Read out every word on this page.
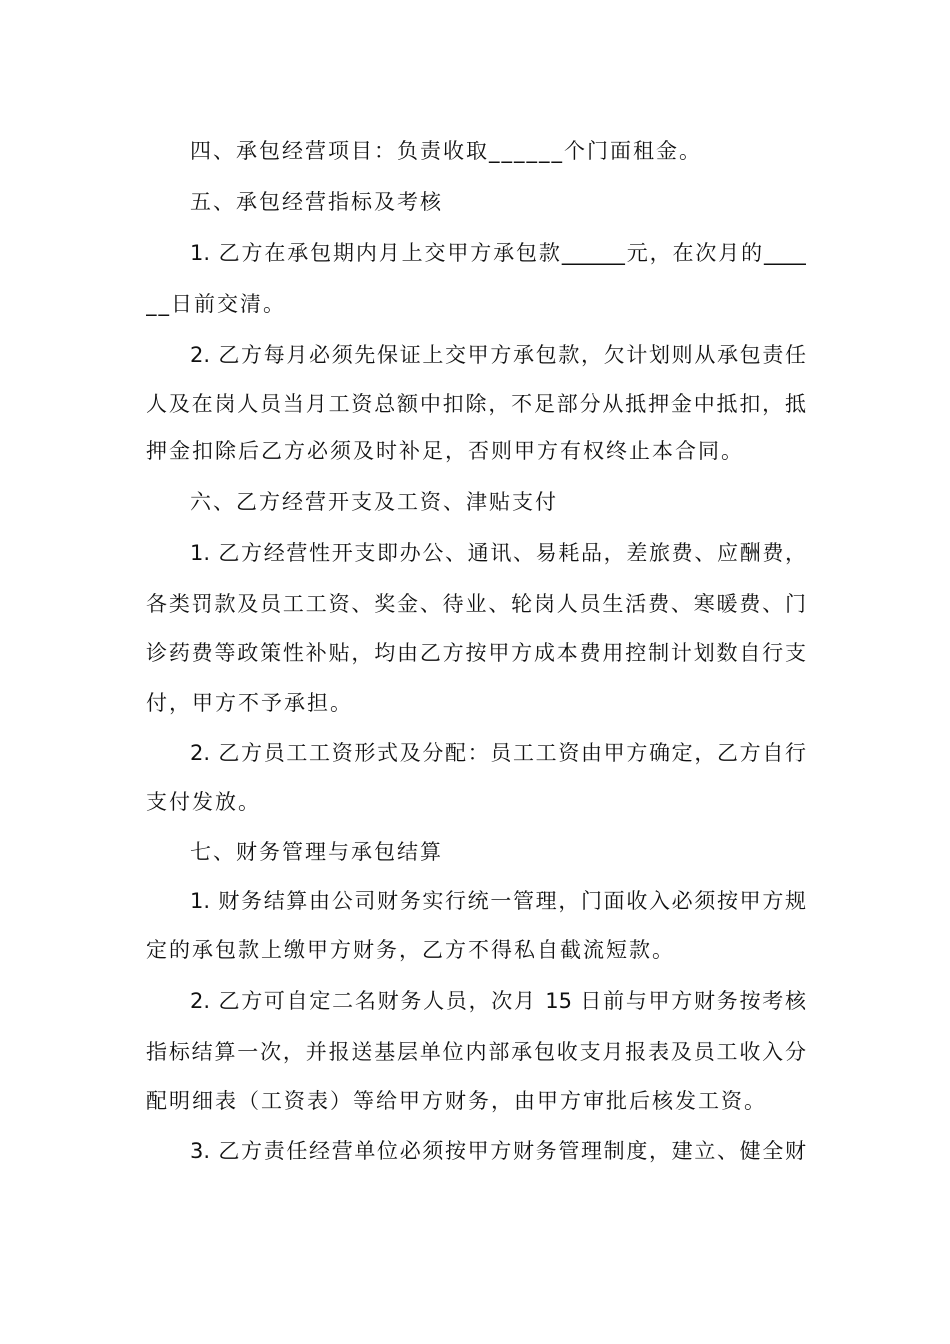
四、承包经营项目：负责收取______个门面租金。
五、承包经营指标及考核
1. 乙方在承包期内月上交甲方承包款______元，在次月的____
__日前交清。
2. 乙方每月必须先保证上交甲方承包款，欠计划则从承包责任
人及在岗人员当月工资总额中扣除，不足部分从抵押金中抵扣，抵
押金扣除后乙方必须及时补足，否则甲方有权终止本合同。
六、乙方经营开支及工资、津贴支付
1. 乙方经营性开支即办公、通讯、易耗品，差旅费、应酬费，
各类罚款及员工工资、奖金、待业、轮岗人员生活费、寒暖费、门
诊药费等政策性补贴，均由乙方按甲方成本费用控制计划数自行支
付，甲方不予承担。
2. 乙方员工工资形式及分配：员工工资由甲方确定，乙方自行
支付发放。
七、财务管理与承包结算
1. 财务结算由公司财务实行统一管理，门面收入必须按甲方规
定的承包款上缴甲方财务，乙方不得私自截流短款。
2. 乙方可自定二名财务人员，次月 15 日前与甲方财务按考核
指标结算一次，并报送基层单位内部承包收支月报表及员工收入分
配明细表（工资表）等给甲方财务，由甲方审批后核发工资。
3. 乙方责任经营单位必须按甲方财务管理制度，建立、健全财
